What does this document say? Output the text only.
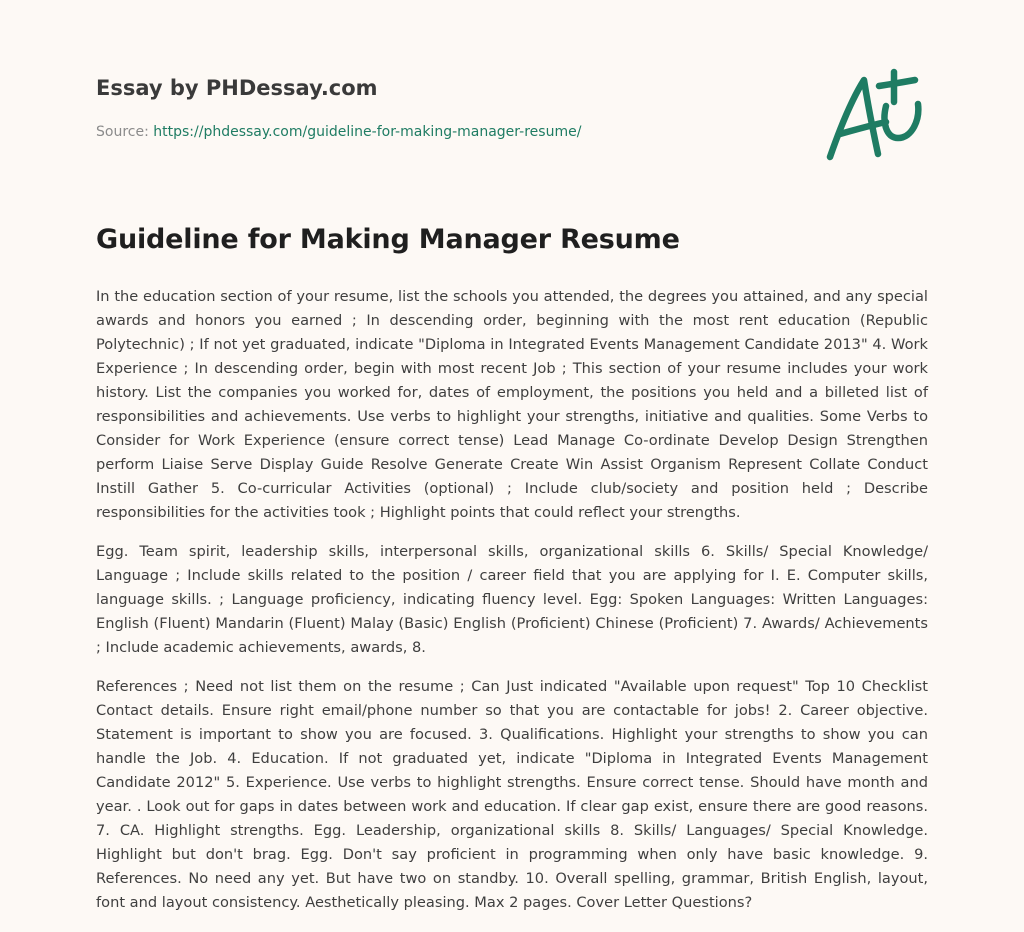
Essay by PHDessay.com

Source: https://phdessay.com/guideline-for-making-manager-resume/

Guideline for Making Manager Resume

In the education section of your resume, list the schools you attended, the degrees you attained, and any special awards and honors you earned ; In descending order, beginning with the most rent education (Republic Polytechnic) ; If not yet graduated, indicate "Diploma in Integrated Events Management Candidate 2013" 4. Work Experience ; In descending order, begin with most recent Job ; This section of your resume includes your work history. List the companies you worked for, dates of employment, the positions you held and a billeted list of responsibilities and achievements. Use verbs to highlight your strengths, initiative and qualities. Some Verbs to Consider for Work Experience (ensure correct tense) Lead Manage Co-ordinate Develop Design Strengthen perform Liaise Serve Display Guide Resolve Generate Create Win Assist Organism Represent Collate Conduct Instill Gather 5. Co-curricular Activities (optional) ; Include club/society and position held ; Describe responsibilities for the activities took ; Highlight points that could reflect your strengths.

Egg. Team spirit, leadership skills, interpersonal skills, organizational skills 6. Skills/ Special Knowledge/ Language ; Include skills related to the position / career field that you are applying for I. E. Computer skills, language skills. ; Language proficiency, indicating fluency level. Egg: Spoken Languages: Written Languages: English (Fluent) Mandarin (Fluent) Malay (Basic) English (Proficient) Chinese (Proficient) 7. Awards/ Achievements ; Include academic achievements, awards, 8.

References ; Need not list them on the resume ; Can Just indicated "Available upon request" Top 10 Checklist Contact details. Ensure right email/phone number so that you are contactable for jobs! 2. Career objective. Statement is important to show you are focused. 3. Qualifications. Highlight your strengths to show you can handle the Job. 4. Education. If not graduated yet, indicate "Diploma in Integrated Events Management Candidate 2012" 5. Experience. Use verbs to highlight strengths. Ensure correct tense. Should have month and year. . Look out for gaps in dates between work and education. If clear gap exist, ensure there are good reasons. 7. CA. Highlight strengths. Egg. Leadership, organizational skills 8. Skills/ Languages/ Special Knowledge. Highlight but don't brag. Egg. Don't say proficient in programming when only have basic knowledge. 9. References. No need any yet. But have two on standby. 10. Overall spelling, grammar, British English, layout, font and layout consistency. Aesthetically pleasing. Max 2 pages. Cover Letter Questions?
